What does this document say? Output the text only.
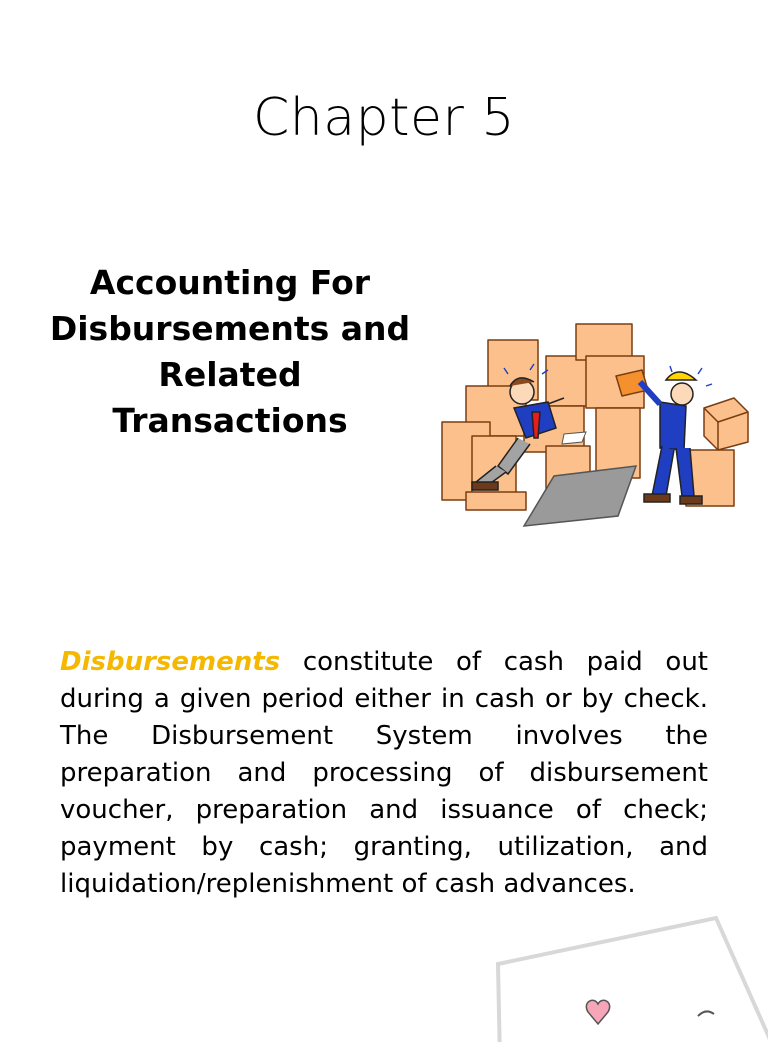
Chapter 5
Accounting For
Disbursements and
Related Transactions

Disbursements constitute of cash paid out during a given period either in cash or by check. The Disbursement System involves the preparation and processing of disbursement voucher, preparation and issuance of check; payment by cash; granting, utilization, and liquidation/replenishment of cash advances.
